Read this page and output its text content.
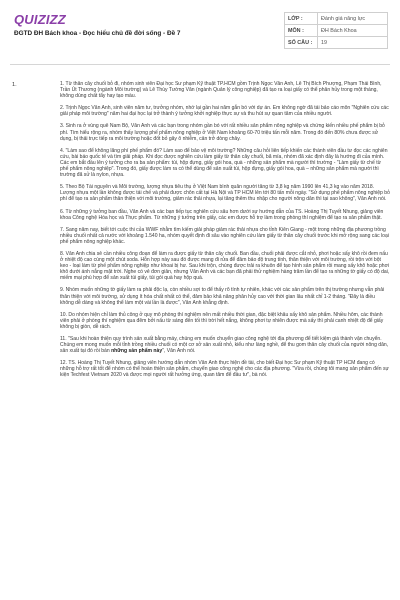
QUIZIZZ	LỚP :	Đánh giá năng lực
MÔN :	ĐH Bách Khoa
SỐ CÂU :	19
ĐGTD ĐH Bách khoa - Đọc hiểu chủ đề đời sống - Đề 7
1.	1. Từ thân cây chuối bỏ đi, nhóm sinh viên Đại học Sư phạm Kỹ thuật TP.HCM gồm Trịnh Ngọc Vân Anh, Lê Thị Bích Phượng, Phạm Thái Bình, Trần Út Thương (ngành Môi trường) và Lê Thùy Tường Vân (ngành Quản lý công nghiệp) đã tạo ra loại giấy có thể phân hủy trong một tháng, không dùng chất tẩy hay tạo màu.

2. Trịnh Ngọc Vân Anh, sinh viên năm tư, trưởng nhóm, nhớ lại gần hai năm gắn bó với dự án. Em không ngờ đã tái bảo cáo môn "Nghiên cứu các giải pháp môi trường" năm hai đại học lại trở thành ý tưởng khởi nghiệp thực sự và thu hút sự quan tâm của nhiều người.

3. Sinh ra ở vùng quê Nam Bộ, Vân Anh và các bạn trong nhóm gần bó với rất nhiều sản phẩm nông nghiệp và chứng kiến nhiều phế phẩm bị bỏ phí. Tìm hiểu rộng ra, nhóm thấy lượng phế phẩm nông nghiệp ở Việt Nam khoảng 60-70 triệu tấn mỗi năm. Trong đó đến 80% chưa được sử dụng, bị thải trực tiếp ra môi trường hoặc đốt bỏ gây ô nhiễm, cản trở dòng chảy.

4. "Làm sao để không lãng phí phế phẩm đó? Làm sao để bảo vệ môi trường? Những câu hỏi liên tiếp khiến các thành viên đầu tư đọc các nghiên cứu, bài báo quốc tế và tìm giải pháp. Khi đọc được nghiên cứu làm giấy từ thân cây chuối, bã mía, nhóm đã xác định đây là hướng đi của mình. Các em bắt đầu lên ý tưởng cho ra ba sản phẩm: túi, hộp đựng, giấy gói hoa, quà - những sản phẩm mà người thì trường - "Làm giấy từ chế từ phế phẩm nông nghiệp". Trong đó, giấy được làm ra có thể dùng để sản xuất túi, hộp đựng, giấy gói hoa, quà – những sản phẩm mà người thì trường đã sử là nylon, nhựa.

5. Theo Bộ Tài nguyên và Môi trường, lượng nhựa tiêu thụ ở Việt Nam bình quân người tăng từ 3,8 kg năm 1990 lên 41,3 kg vào năm 2018. Lượng nhựa một lần không được tái chế và phải được chôn cất tại Hà Nội và TP HCM lên tới 80 tấn mỗi ngày. "Sử dụng phế phẩm nông nghiệp bỏ phí để tạo ra sản phẩm thân thiện với môi trường, giảm rác thải nhựa, lại tăng thêm thu nhập cho người nông dân thì tại sao không", Vân Anh nói.

6. Từ những ý tưởng ban đầu, Vân Anh và các bạn tiếp tục nghiên cứu sâu hơn dưới sự hướng dẫn của TS. Hoàng Thị Tuyết Nhung, giảng viên khoa Công nghệ Hóa học và Thực phẩm. Từ những ý tưởng trên giấy, các em được hỗ trợ làm trong phòng thí nghiệm để tạo ra sản phẩm thật.

7. Sang năm nay, biết tới cuộc thi của WWF nhằm tìm kiếm giải pháp giảm rác thải nhựa cho tỉnh Kiên Giang - một trong những địa phương trồng nhiều chuối nhất cả nước với khoảng 1.540 ha, nhóm quyết định đi sâu vào nghiên cứu làm giấy từ thân cây chuối trước khi mở rộng sang các loại phế phẩm nông nghiệp khác.

8. Vân Anh chia sẻ cần nhiều công đoạn để làm ra được giấy từ thân cây chuối. Ban đầu, chuối phải được cắt nhỏ, phơi hoặc sấy khô rồi đem nấu ở nhiệt độ cao cùng một chút soda. Hỗn hợp này sau đó được mang đi rửa để đảm bảo độ trung tính, thân thiện với môi trường, rồi trộn với bột keo - loại làm từ phế phẩm nông nghiệp như khoai bị hư. Sau khi trộn, chúng được trải ra khuôn để tạo hình sản phẩm rồi mang sấy khô hoặc phơi khô dưới ánh nắng mặt trời. Nghe có vẻ đơn giản, nhưng Vân Anh và các bạn đã phải thử nghiệm hàng trăm lần để tạo ra những tờ giấy có độ dai, miếm mại phù hợp để sản xuất túi giấy, túi gói quà hay hộp quà.

9. Nhóm muốn những tờ giấy làm ra phải độc lạ, còn nhiều sợi to để thấy rõ tính tự nhiên, khác với các sản phẩm trên thị trường nhưng vẫn phải thân thiện với môi trường, sử dụng ít hóa chất nhất có thể, đảm bảo khả năng phân hủy cao với thời gian lâu nhất chỉ 1-2 tháng. "Đây là điều không dễ dàng và không thể làm một vài lần là được", Vân Anh khẳng định.

10. Do nhóm hiện chỉ làm thủ công ở quy mô phòng thí nghiệm nên mất nhiều thời gian, đặc biệt khâu sấy khô sản phẩm. Nhiều hôm, các thành viên phải ở phòng thí nghiệm qua đêm bởi nấu từ sáng đến tối thì trời hết nắng, không phơi tự nhiên được mà sấy thì phải canh nhiệt độ để giấy không bị giòn, dễ rách.

11. "Sau khi hoàn thiện quy trình sản xuất bằng máy, chúng em muốn chuyển giao công nghệ tới địa phương để tiết kiệm giá thành vận chuyển. Chúng em mong muốn mỗi tỉnh trồng nhiều chuối có một cơ sở sản xuất nhỏ, kiểu như làng nghề, để thu gom thân cây chuối của người nông dân, sản xuất tại đó rồi bán những sản phẩm này", Vân Anh nói.

12. TS. Hoàng Thị Tuyết Nhung, giảng viên hướng dẫn nhóm Vân Anh thực hiện đề tài, cho biết Đại học Sư phạm Kỹ thuật TP HCM đang có những hỗ trợ rất tốt để nhóm có thể hoàn thiện sản phẩm, chuyển giao công nghệ cho các địa phương. "Vừa rồi, chúng tôi mang sản phẩm đến sự kiện Techfest Vietnam 2020 và được mọi người rất hưởng ứng, quan tâm để đầu tư", bà nói.
